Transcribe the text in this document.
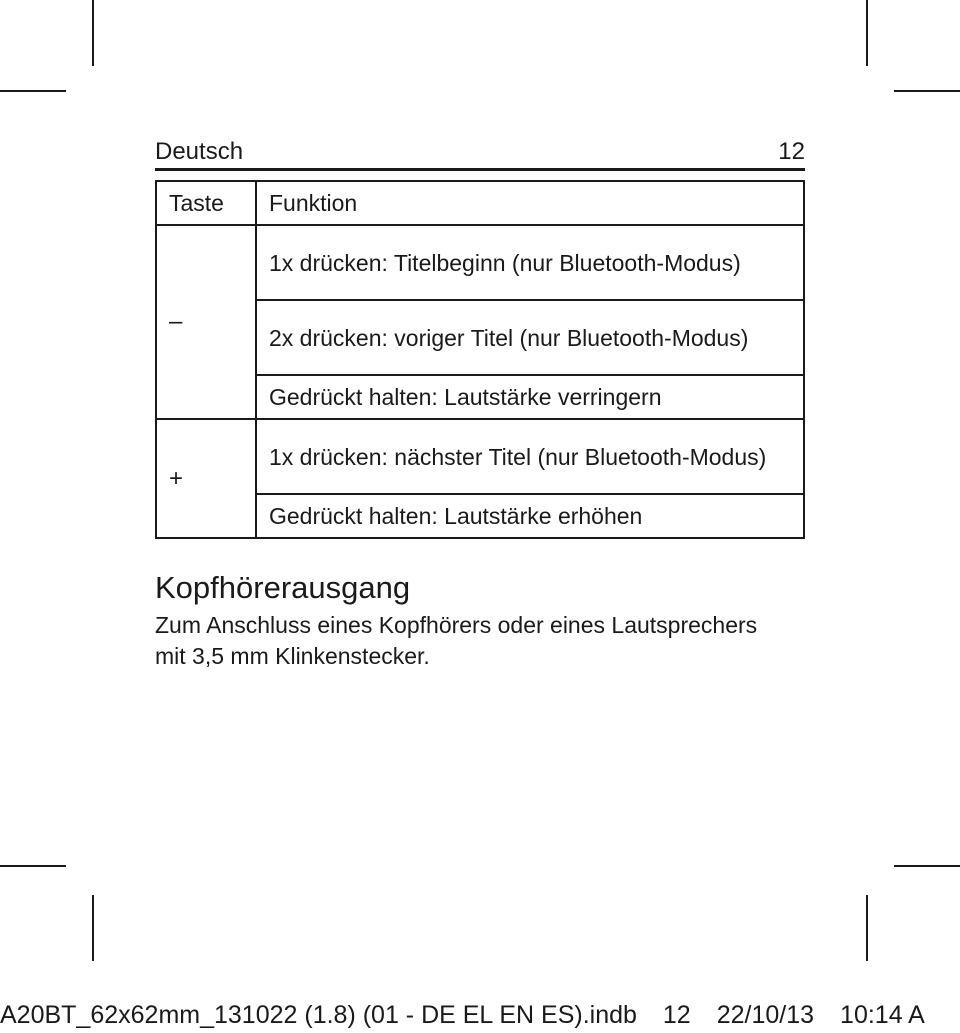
Deutsch	12
Taste	Funktion
–	1x drücken: Titelbeginn (nur Bluetooth-Modus)
	2x drücken: voriger Titel (nur Bluetooth-Modus)
	Gedrückt halten: Lautstärke verringern
+	1x drücken: nächster Titel (nur Bluetooth-Modus)
	Gedrückt halten: Lautstärke erhöhen
Kopfhörerausgang

Zum Anschluss eines Kopfhörers oder eines Lautsprechers mit 3,5 mm Klinkenstecker.

A20BT_62x62mm_131022 (1.8) (01 - DE EL EN ES).indb 12 22/10/13 10:14 A
